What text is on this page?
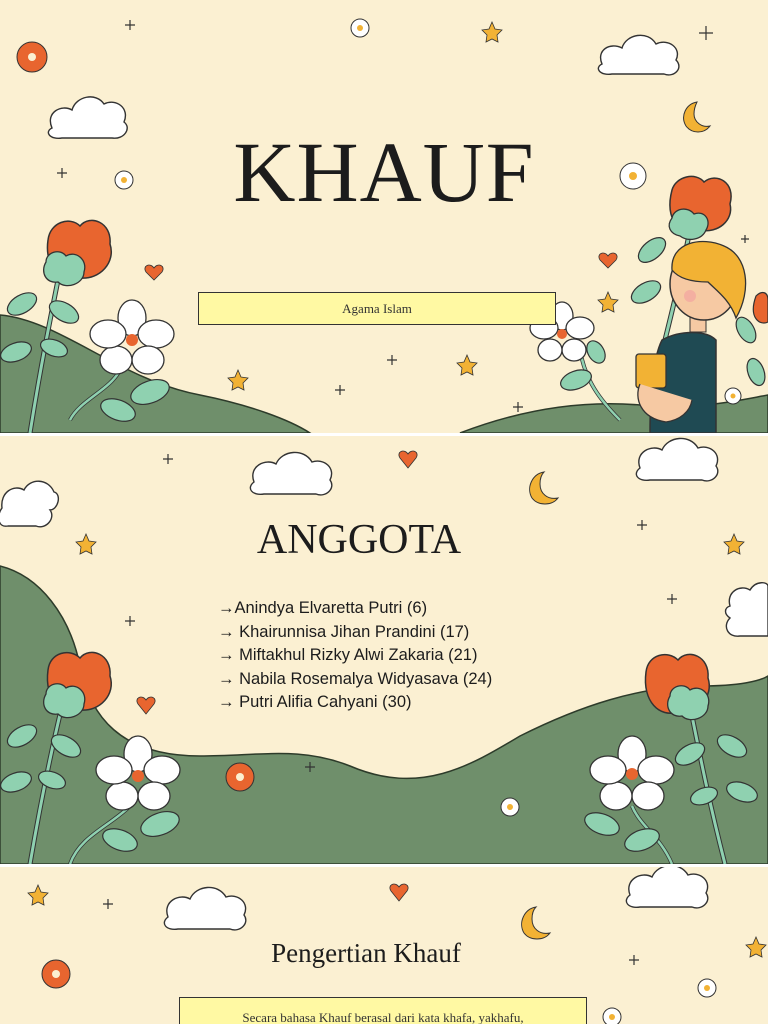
KHAUF
Agama Islam
ANGGOTA
→Anindya Elvaretta Putri (6)
→ Khairunnisa Jihan Prandini (17)
→ Miftakhul Rizky Alwi Zakaria (21)
→ Nabila Rosemalya Widyasava (24)
→ Putri Alifia Cahyani (30)
Pengertian Khauf
Secara bahasa Khauf berasal dari kata khafa, yakhafu,
